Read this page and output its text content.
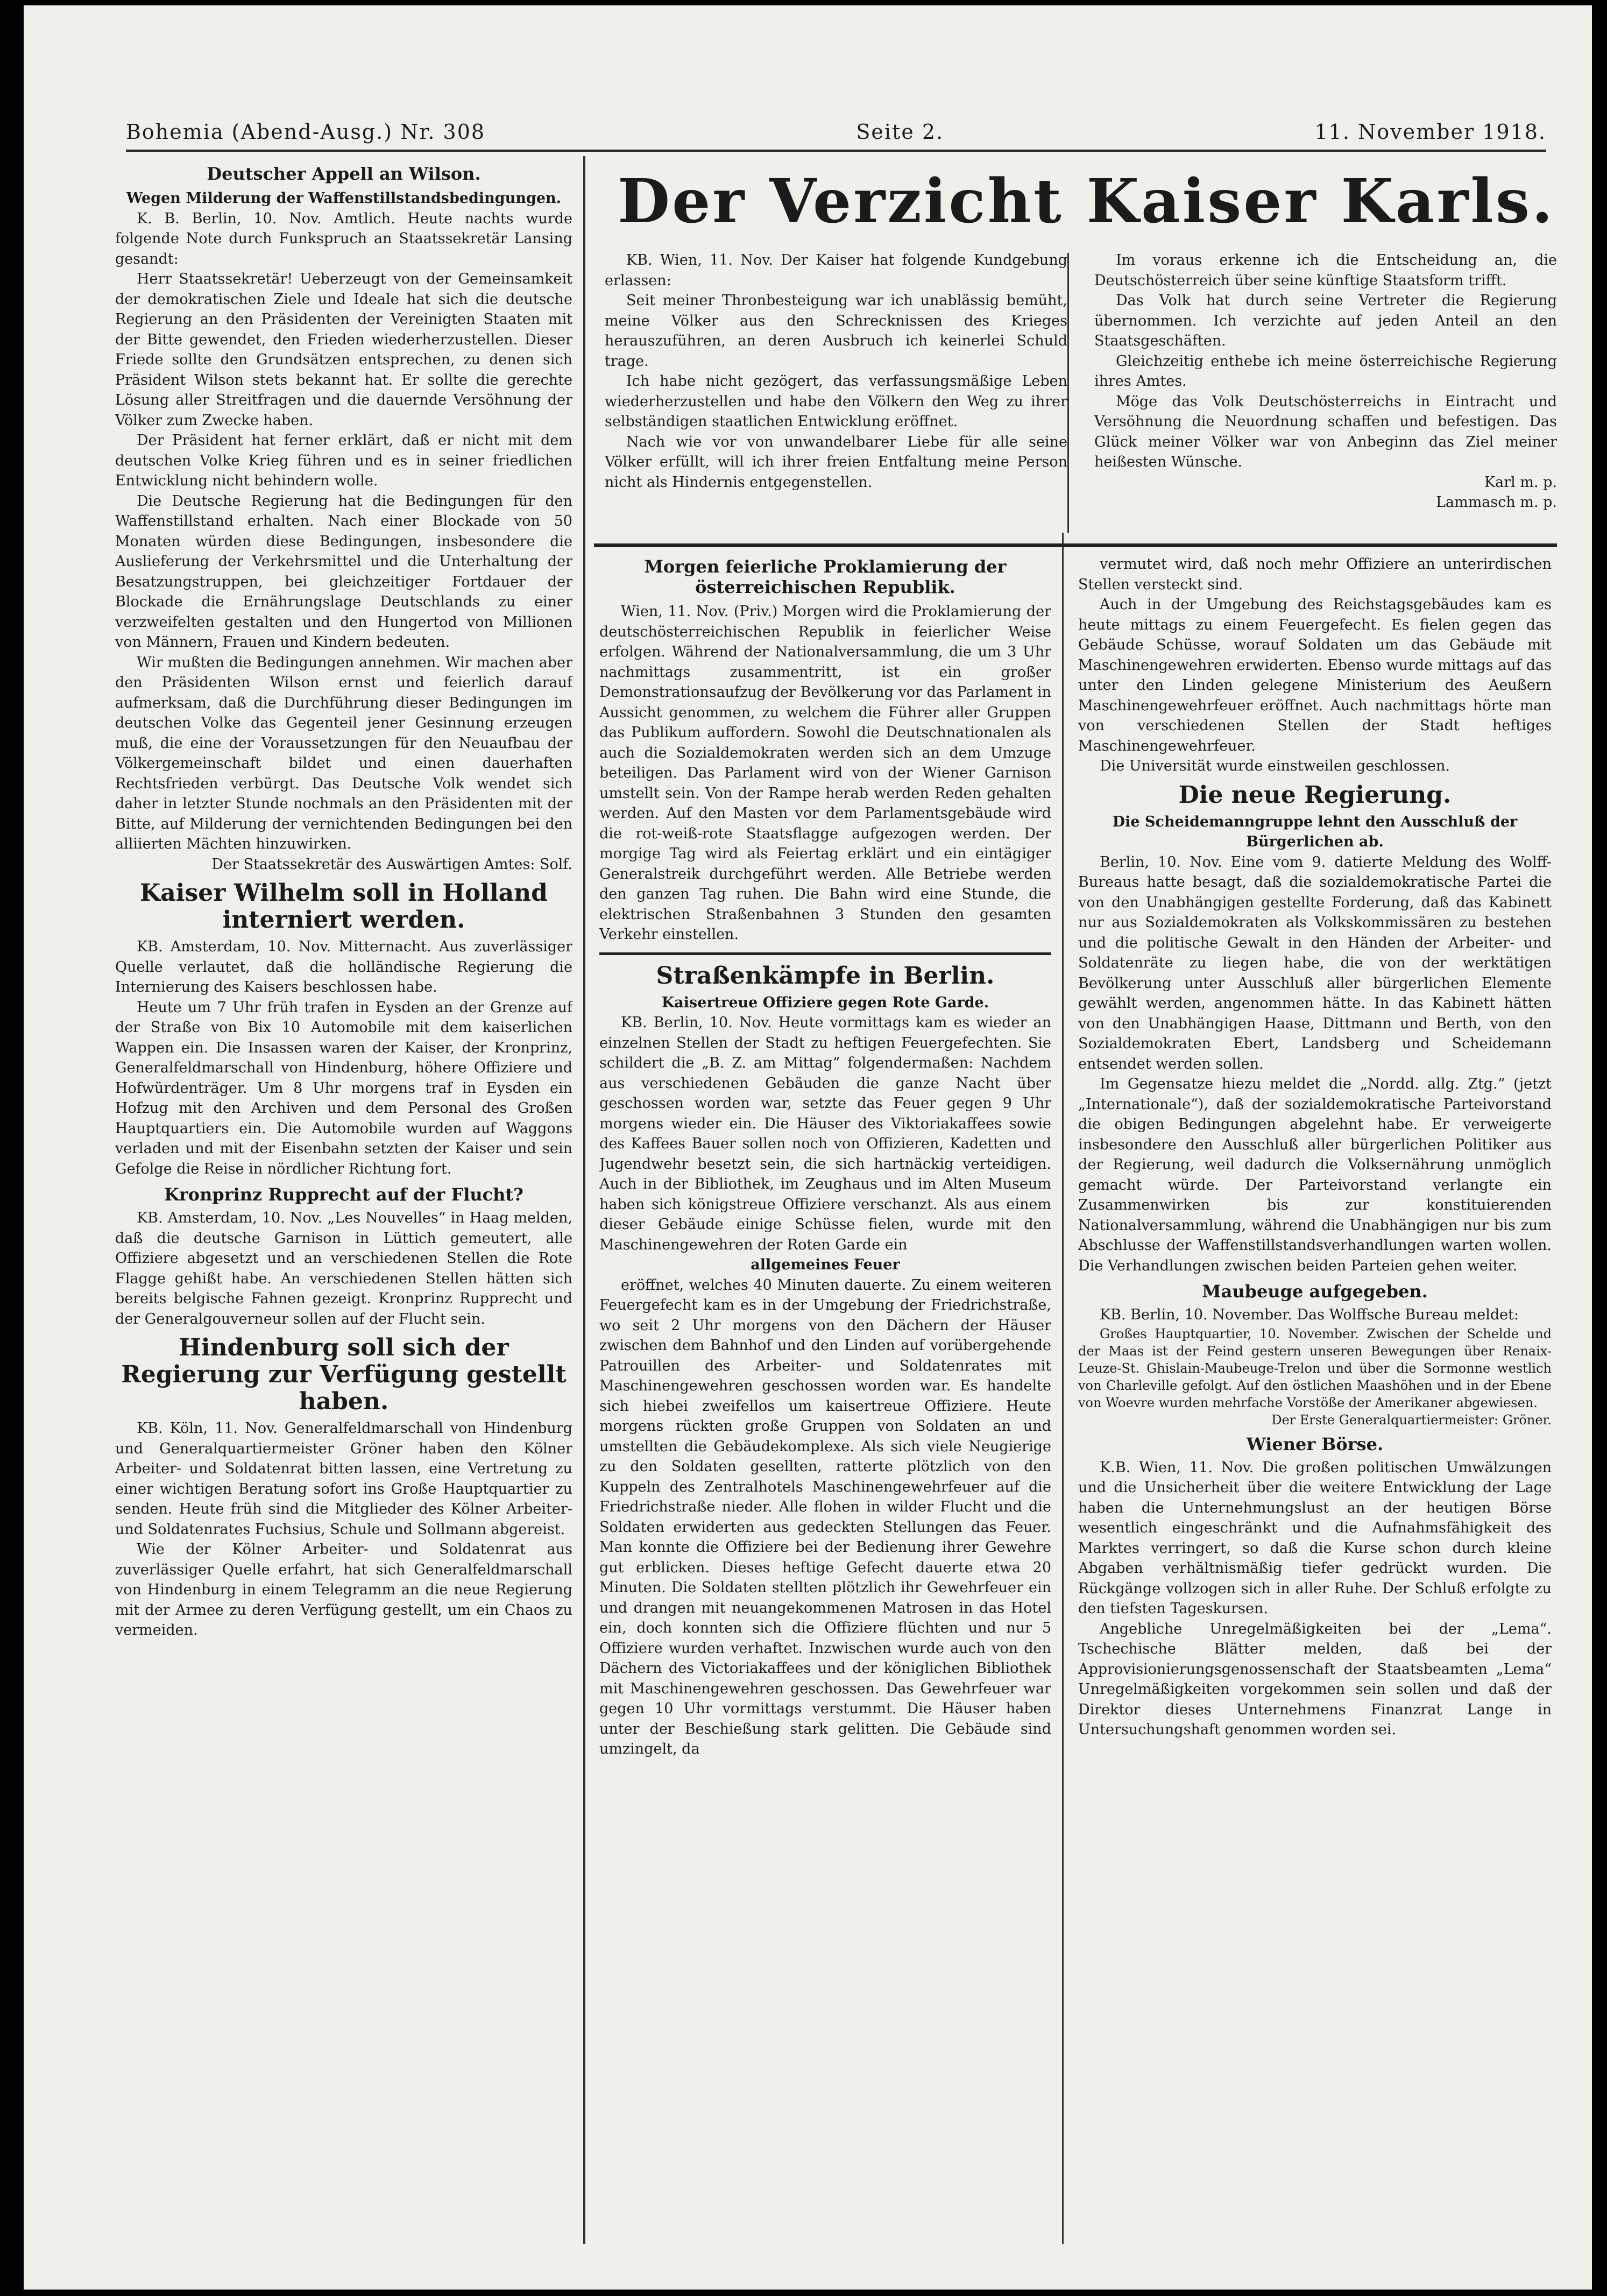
Bohemia (Abend-Ausg.) Nr. 308	Seite 2.	11. November 1918.
Der Verzicht Kaiser Karls.

KB. Wien, 11. Nov. Der Kaiser hat folgende Kundgebung erlassen:

Seit meiner Thronbesteigung war ich unablässig bemüht, meine Völker aus den Schrecknissen des Krieges herauszuführen, an deren Ausbruch ich keinerlei Schuld trage.

Ich habe nicht gezögert, das verfassungsmäßige Leben wiederherzustellen und habe den Völkern den Weg zu ihrer selbständigen staatlichen Entwicklung eröffnet.

Nach wie vor von unwandelbarer Liebe für alle seine Völker erfüllt, will ich ihrer freien Entfaltung meine Person nicht als Hindernis entgegenstellen.

Im voraus erkenne ich die Entscheidung an, die Deutschösterreich über seine künftige Staatsform trifft.

Das Volk hat durch seine Vertreter die Regierung übernommen. Ich verzichte auf jeden Anteil an den Staatsgeschäften.

Gleichzeitig enthebe ich meine österreichische Regierung ihres Amtes.

Möge das Volk Deutschösterreichs in Eintracht und Versöhnung die Neuordnung schaffen und befestigen. Das Glück meiner Völker war von Anbeginn das Ziel meiner heißesten Wünsche.

Karl m. p.

Lammasch m. p.

Deutscher Appell an Wilson.

Wegen Milderung der Waffenstillstandsbedingungen.

K. B. Berlin, 10. Nov. Amtlich. Heute nachts wurde folgende Note durch Funkspruch an Staatssekretär Lansing gesandt:

Herr Staatssekretär! Ueberzeugt von der Gemeinsamkeit der demokratischen Ziele und Ideale hat sich die deutsche Regierung an den Präsidenten der Vereinigten Staaten mit der Bitte gewendet, den Frieden wiederherzustellen. Dieser Friede sollte den Grundsätzen entsprechen, zu denen sich Präsident Wilson stets bekannt hat. Er sollte die gerechte Lösung aller Streitfragen und die dauernde Versöhnung der Völker zum Zwecke haben.

Der Präsident hat ferner erklärt, daß er nicht mit dem deutschen Volke Krieg führen und es in seiner friedlichen Entwicklung nicht behindern wolle.

Die Deutsche Regierung hat die Bedingungen für den Waffenstillstand erhalten. Nach einer Blockade von 50 Monaten würden diese Bedingungen, insbesondere die Auslieferung der Verkehrsmittel und die Unterhaltung der Besatzungstruppen, bei gleichzeitiger Fortdauer der Blockade die Ernährungslage Deutschlands zu einer verzweifelten gestalten und den Hungertod von Millionen von Männern, Frauen und Kindern bedeuten.

Wir mußten die Bedingungen annehmen. Wir machen aber den Präsidenten Wilson ernst und feierlich darauf aufmerksam, daß die Durchführung dieser Bedingungen im deutschen Volke das Gegenteil jener Gesinnung erzeugen muß, die eine der Voraussetzungen für den Neuaufbau der Völkergemeinschaft bildet und einen dauerhaften Rechtsfrieden verbürgt. Das Deutsche Volk wendet sich daher in letzter Stunde nochmals an den Präsidenten mit der Bitte, auf Milderung der vernichtenden Bedingungen bei den alliierten Mächten hinzuwirken.

Der Staatssekretär des Auswärtigen Amtes: Solf.

Kaiser Wilhelm soll in Holland interniert werden.

KB. Amsterdam, 10. Nov. Mitternacht. Aus zuverlässiger Quelle verlautet, daß die holländische Regierung die Internierung des Kaisers beschlossen habe.

Heute um 7 Uhr früh trafen in Eysden an der Grenze auf der Straße von Bix 10 Automobile mit dem kaiserlichen Wappen ein. Die Insassen waren der Kaiser, der Kronprinz, Generalfeldmarschall von Hindenburg, höhere Offiziere und Hofwürdenträger. Um 8 Uhr morgens traf in Eysden ein Hofzug mit den Archiven und dem Personal des Großen Hauptquartiers ein. Die Automobile wurden auf Waggons verladen und mit der Eisenbahn setzten der Kaiser und sein Gefolge die Reise in nördlicher Richtung fort.

Kronprinz Rupprecht auf der Flucht?

KB. Amsterdam, 10. Nov. „Les Nouvelles“ in Haag melden, daß die deutsche Garnison in Lüttich gemeutert, alle Offiziere abgesetzt und an verschiedenen Stellen die Rote Flagge gehißt habe. An verschiedenen Stellen hätten sich bereits belgische Fahnen gezeigt. Kronprinz Rupprecht und der Generalgouverneur sollen auf der Flucht sein.

Hindenburg soll sich der Regierung zur Verfügung gestellt haben.

KB. Köln, 11. Nov. Generalfeldmarschall von Hindenburg und Generalquartiermeister Gröner haben den Kölner Arbeiter- und Soldatenrat bitten lassen, eine Vertretung zu einer wichtigen Beratung sofort ins Große Hauptquartier zu senden. Heute früh sind die Mitglieder des Kölner Arbeiter- und Soldatenrates Fuchsius, Schule und Sollmann abgereist.

Wie der Kölner Arbeiter- und Soldatenrat aus zuverlässiger Quelle erfahrt, hat sich Generalfeldmarschall von Hindenburg in einem Telegramm an die neue Regierung mit der Armee zu deren Verfügung gestellt, um ein Chaos zu vermeiden.

Morgen feierliche Proklamierung der österreichischen Republik.

Wien, 11. Nov. (Priv.) Morgen wird die Proklamierung der deutschösterreichischen Republik in feierlicher Weise erfolgen. Während der Nationalversammlung, die um 3 Uhr nachmittags zusammentritt, ist ein großer Demonstrationsaufzug der Bevölkerung vor das Parlament in Aussicht genommen, zu welchem die Führer aller Gruppen das Publikum auffordern. Sowohl die Deutschnationalen als auch die Sozialdemokraten werden sich an dem Umzuge beteiligen. Das Parlament wird von der Wiener Garnison umstellt sein. Von der Rampe herab werden Reden gehalten werden. Auf den Masten vor dem Parlamentsgebäude wird die rot-weiß-rote Staatsflagge aufgezogen werden. Der morgige Tag wird als Feiertag erklärt und ein eintägiger Generalstreik durchgeführt werden. Alle Betriebe werden den ganzen Tag ruhen. Die Bahn wird eine Stunde, die elektrischen Straßenbahnen 3 Stunden den gesamten Verkehr einstellen.

Straßenkämpfe in Berlin.

Kaisertreue Offiziere gegen Rote Garde.

KB. Berlin, 10. Nov. Heute vormittags kam es wieder an einzelnen Stellen der Stadt zu heftigen Feuergefechten. Sie schildert die „B. Z. am Mittag“ folgendermaßen: Nachdem aus verschiedenen Gebäuden die ganze Nacht über geschossen worden war, setzte das Feuer gegen 9 Uhr morgens wieder ein. Die Häuser des Viktoriakaffees sowie des Kaffees Bauer sollen noch von Offizieren, Kadetten und Jugendwehr besetzt sein, die sich hartnäckig verteidigen. Auch in der Bibliothek, im Zeughaus und im Alten Museum haben sich königstreue Offiziere verschanzt. Als aus einem dieser Gebäude einige Schüsse fielen, wurde mit den Maschinengewehren der Roten Garde ein

allgemeines Feuer

eröffnet, welches 40 Minuten dauerte. Zu einem weiteren Feuergefecht kam es in der Umgebung der Friedrichstraße, wo seit 2 Uhr morgens von den Dächern der Häuser zwischen dem Bahnhof und den Linden auf vorübergehende Patrouillen des Arbeiter- und Soldatenrates mit Maschinengewehren geschossen worden war. Es handelte sich hiebei zweifellos um kaisertreue Offiziere. Heute morgens rückten große Gruppen von Soldaten an und umstellten die Gebäudekomplexe. Als sich viele Neugierige zu den Soldaten gesellten, ratterte plötzlich von den Kuppeln des Zentralhotels Maschinengewehrfeuer auf die Friedrichstraße nieder. Alle flohen in wilder Flucht und die Soldaten erwiderten aus gedeckten Stellungen das Feuer. Man konnte die Offiziere bei der Bedienung ihrer Gewehre gut erblicken. Dieses heftige Gefecht dauerte etwa 20 Minuten. Die Soldaten stellten plötzlich ihr Gewehrfeuer ein und drangen mit neuangekommenen Matrosen in das Hotel ein, doch konnten sich die Offiziere flüchten und nur 5 Offiziere wurden verhaftet. Inzwischen wurde auch von den Dächern des Victoriakaffees und der königlichen Bibliothek mit Maschinengewehren geschossen. Das Gewehrfeuer war gegen 10 Uhr vormittags verstummt. Die Häuser haben unter der Beschießung stark gelitten. Die Gebäude sind umzingelt, da

vermutet wird, daß noch mehr Offiziere an unterirdischen Stellen versteckt sind.

Auch in der Umgebung des Reichstagsgebäudes kam es heute mittags zu einem Feuergefecht. Es fielen gegen das Gebäude Schüsse, worauf Soldaten um das Gebäude mit Maschinengewehren erwiderten. Ebenso wurde mittags auf das unter den Linden gelegene Ministerium des Aeußern Maschinengewehrfeuer eröffnet. Auch nachmittags hörte man von verschiedenen Stellen der Stadt heftiges Maschinengewehrfeuer.

Die Universität wurde einstweilen geschlossen.

Die neue Regierung.

Die Scheidemanngruppe lehnt den Ausschluß der Bürgerlichen ab.

Berlin, 10. Nov. Eine vom 9. datierte Meldung des Wolff-Bureaus hatte besagt, daß die sozialdemokratische Partei die von den Unabhängigen gestellte Forderung, daß das Kabinett nur aus Sozialdemokraten als Volkskommissären zu bestehen und die politische Gewalt in den Händen der Arbeiter- und Soldatenräte zu liegen habe, die von der werktätigen Bevölkerung unter Ausschluß aller bürgerlichen Elemente gewählt werden, angenommen hätte. In das Kabinett hätten von den Unabhängigen Haase, Dittmann und Berth, von den Sozialdemokraten Ebert, Landsberg und Scheidemann entsendet werden sollen.

Im Gegensatze hiezu meldet die „Nordd. allg. Ztg.“ (jetzt „Internationale“), daß der sozialdemokratische Parteivorstand die obigen Bedingungen abgelehnt habe. Er verweigerte insbesondere den Ausschluß aller bürgerlichen Politiker aus der Regierung, weil dadurch die Volksernährung unmöglich gemacht würde. Der Parteivorstand verlangte ein Zusammenwirken bis zur konstituierenden Nationalversammlung, während die Unabhängigen nur bis zum Abschlusse der Waffenstillstandsverhandlungen warten wollen. Die Verhandlungen zwischen beiden Parteien gehen weiter.

Maubeuge aufgegeben.

KB. Berlin, 10. November. Das Wolffsche Bureau meldet:

Großes Hauptquartier, 10. November. Zwischen der Schelde und der Maas ist der Feind gestern unseren Bewegungen über Renaix-Leuze-St. Ghislain-Maubeuge-Trelon und über die Sormonne westlich von Charleville gefolgt. Auf den östlichen Maashöhen und in der Ebene von Woevre wurden mehrfache Vorstöße der Amerikaner abgewiesen.

Der Erste Generalquartiermeister: Gröner.

Wiener Börse.

K.B. Wien, 11. Nov. Die großen politischen Umwälzungen und die Unsicherheit über die weitere Entwicklung der Lage haben die Unternehmungslust an der heutigen Börse wesentlich eingeschränkt und die Aufnahmsfähigkeit des Marktes verringert, so daß die Kurse schon durch kleine Abgaben verhältnismäßig tiefer gedrückt wurden. Die Rückgänge vollzogen sich in aller Ruhe. Der Schluß erfolgte zu den tiefsten Tageskursen.

Angebliche Unregelmäßigkeiten bei der „Lema“. Tschechische Blätter melden, daß bei der Approvisionierungsgenossenschaft der Staatsbeamten „Lema“ Unregelmäßigkeiten vorgekommen sein sollen und daß der Direktor dieses Unternehmens Finanzrat Lange in Untersuchungshaft genommen worden sei.
